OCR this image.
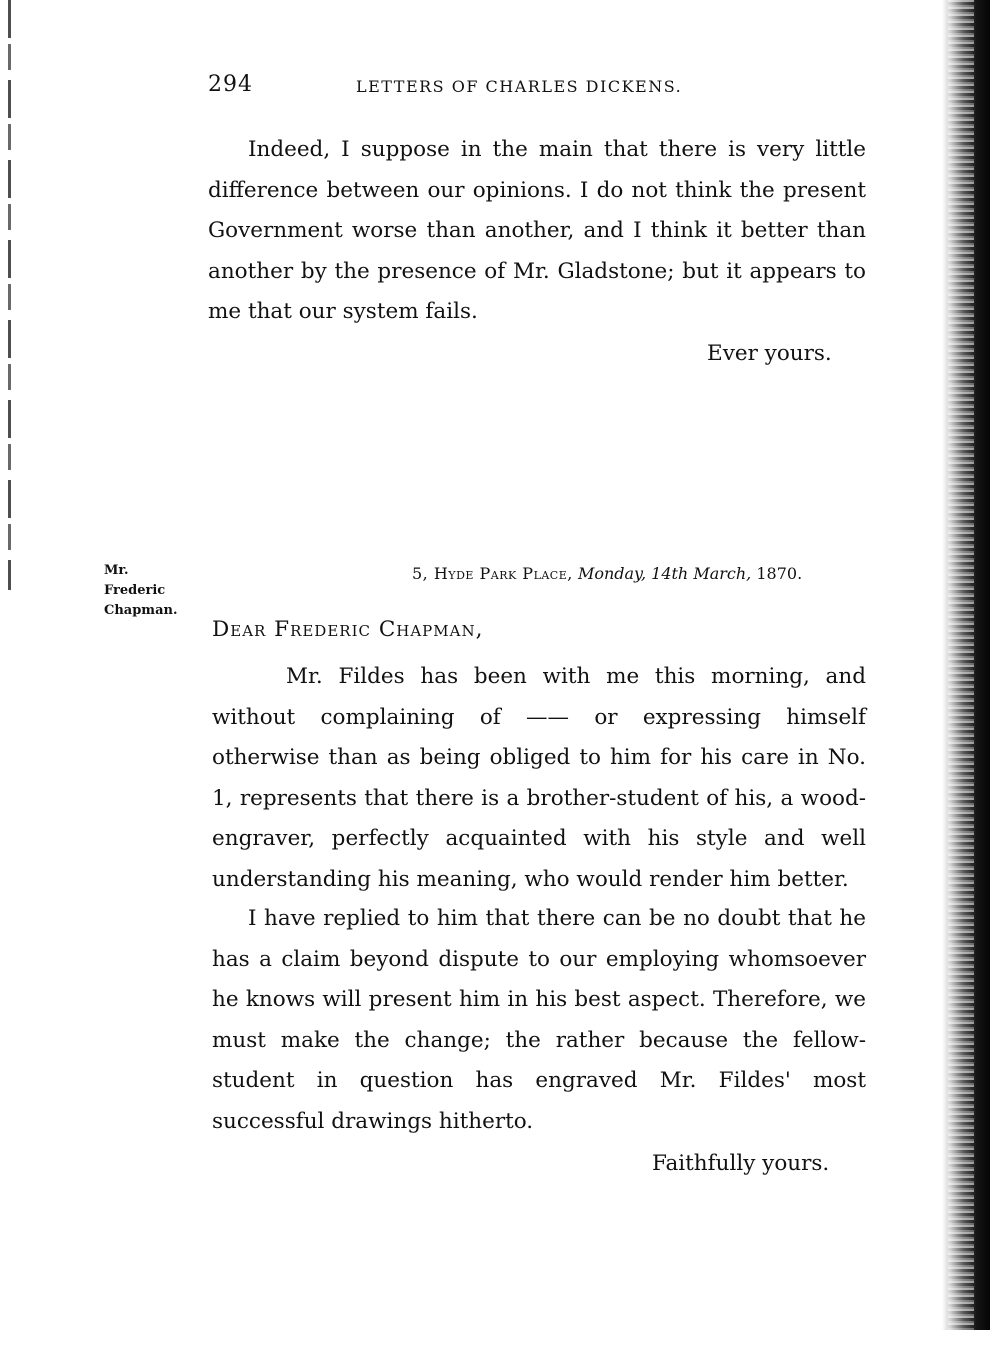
294	LETTERS OF CHARLES DICKENS.

Indeed, I suppose in the main that there is very little difference between our opinions. I do not think the present Government worse than another, and I think it better than another by the presence of Mr. Gladstone; but it appears to me that our system fails.

Ever yours.
Mr.
Frederic
Chapman.
5, Hyde Park Place, Monday, 14th March, 1870.
Dear Frederic Chapman,

Mr. Fildes has been with me this morning, and without complaining of —— or expressing himself otherwise than as being obliged to him for his care in No. 1, represents that there is a brother-student of his, a wood-engraver, perfectly acquainted with his style and well understanding his meaning, who would render him better.

I have replied to him that there can be no doubt that he has a claim beyond dispute to our employing whomsoever he knows will present him in his best aspect. Therefore, we must make the change; the rather because the fellow-student in question has engraved Mr. Fildes' most successful drawings hitherto.

Faithfully yours.
